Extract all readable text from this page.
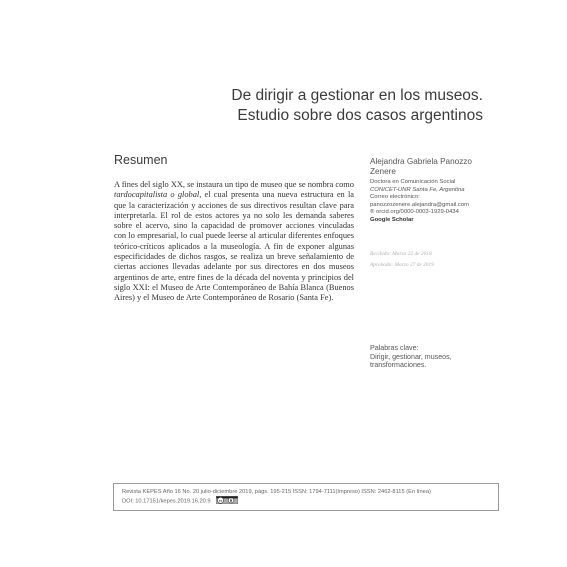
De dirigir a gestionar en los museos.
Estudio sobre dos casos argentinos
Resumen

A fines del siglo XX, se instaura un tipo de museo que se nombra como tardocapitalista o global, el cual presenta una nueva estructura en la que la caracterización y acciones de sus directivos resultan clave para interpretarla. El rol de estos actores ya no solo les demanda saberes sobre el acervo, sino la capacidad de promover acciones vinculadas con lo empresarial, lo cual puede leerse al articular diferentes enfoques teórico-críticos aplicados a la museología. A fin de exponer algunas especificidades de dichos rasgos, se realiza un breve señalamiento de ciertas acciones llevadas adelante por sus directores en dos museos argentinos de arte, entre fines de la década del noventa y principios del siglo XXI: el Museo de Arte Contemporáneo de Bahía Blanca (Buenos Aires) y el Museo de Arte Contemporáneo de Rosario (Santa Fe).

Alejandra Gabriela Panozzo Zenere

Doctora en Comunicación Social

CONICET-UNR Santa Fe, Argentina

Correo electrónico:

panozzozenere.alejandra@gmail.com

® orcid.org/0000-0003-1929-0434

Google Scholar

Recibido: Marzo 22 de 2018
Aprobado: Marzo 27 de 2019
Palabras clave:
Dirigir, gestionar, museos,
transformaciones.
Revista KEPES Año 16 No. 20 julio-diciembre 2019, págs. 195-215 ISSN: 1794-7111(Impreso) ISSN: 2462-8115 (En línea)
DOI: 10.17151/kepes.2019.16.20.9	cc
